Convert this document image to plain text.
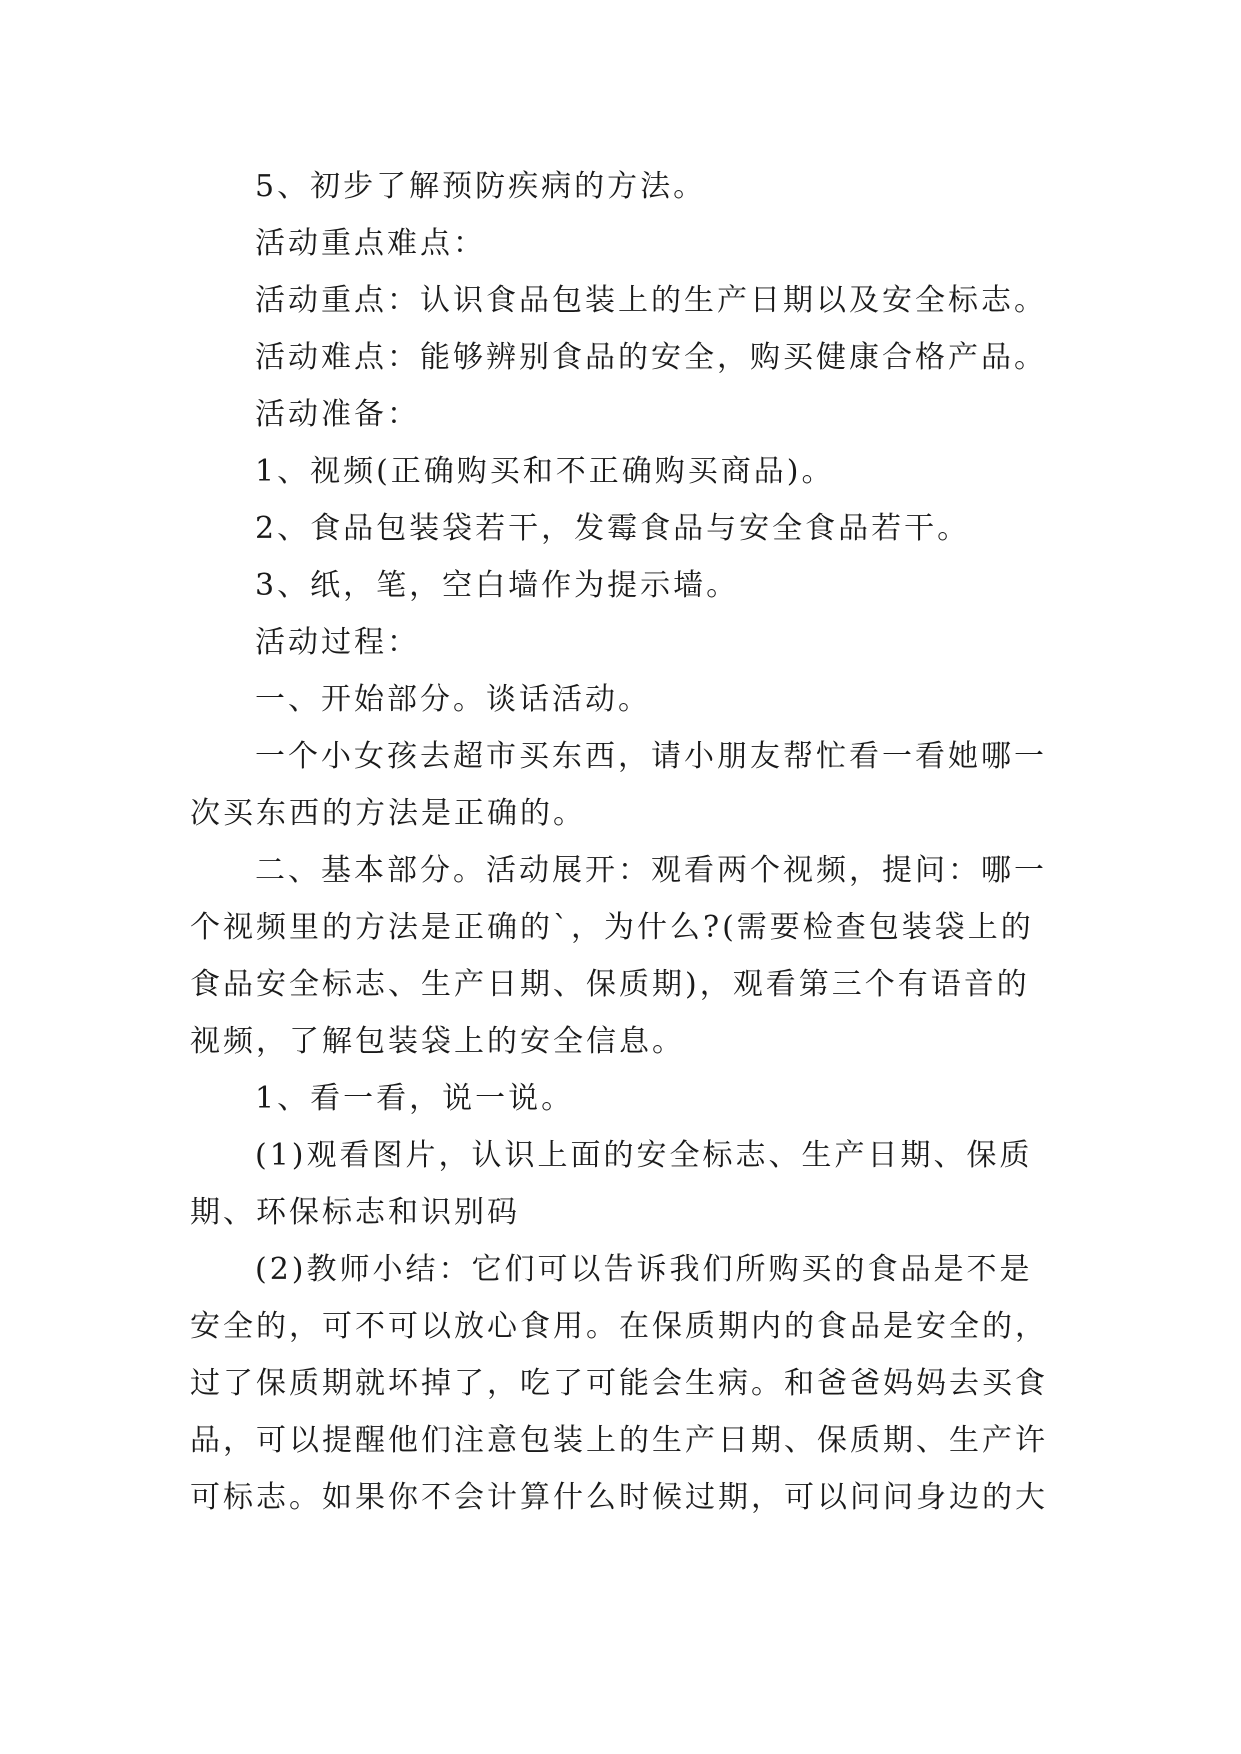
5、初步了解预防疾病的方法。

活动重点难点：

活动重点：认识食品包装上的生产日期以及安全标志。

活动难点：能够辨别食品的安全，购买健康合格产品。

活动准备：

1、视频(正确购买和不正确购买商品)。

2、食品包装袋若干，发霉食品与安全食品若干。

3、纸，笔，空白墙作为提示墙。

活动过程：

一、开始部分。谈话活动。

一个小女孩去超市买东西，请小朋友帮忙看一看她哪一

次买东西的方法是正确的。

二、基本部分。活动展开：观看两个视频，提问：哪一

个视频里的方法是正确的`，为什么?(需要检查包装袋上的

食品安全标志、生产日期、保质期)，观看第三个有语音的

视频，了解包装袋上的安全信息。

1、看一看，说一说。

(1)观看图片，认识上面的安全标志、生产日期、保质

期、环保标志和识别码

(2)教师小结：它们可以告诉我们所购买的食品是不是

安全的，可不可以放心食用。在保质期内的食品是安全的，

过了保质期就坏掉了，吃了可能会生病。和爸爸妈妈去买食

品，可以提醒他们注意包装上的生产日期、保质期、生产许

可标志。如果你不会计算什么时候过期，可以问问身边的大
